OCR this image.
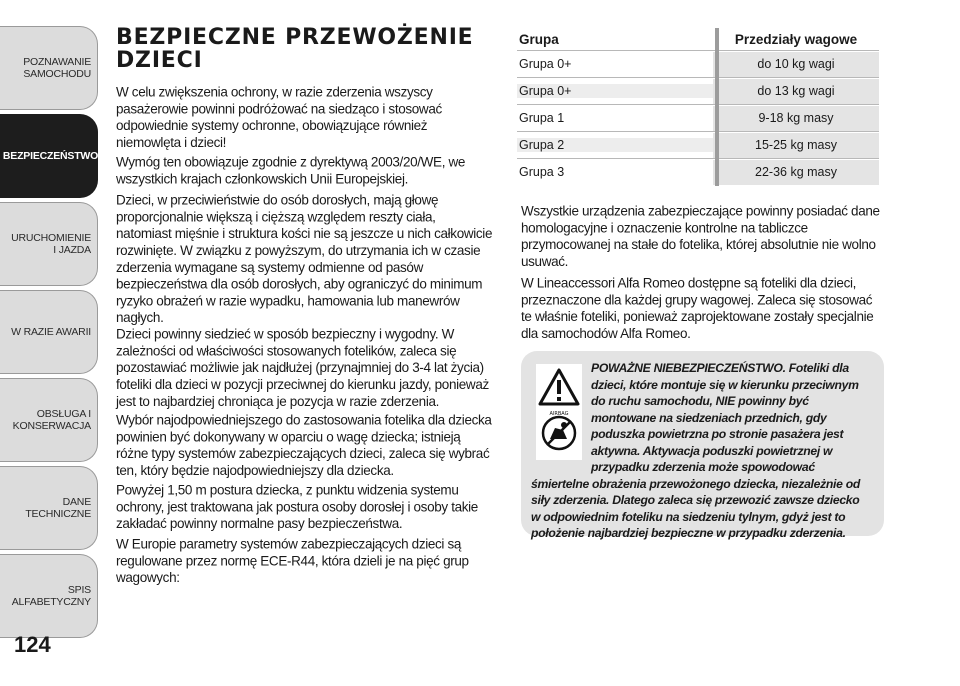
POZNAWANIE SAMOCHODU
BEZPIECZEŃSTWO
URUCHOMIENIE I JAZDA
W RAZIE AWARII
OBSŁUGA I KONSERWACJA
DANE TECHNICZNE
SPIS ALFABETYCZNY
124
BEZPIECZNE PRZEWOŻENIE DZIECI

W celu zwiększenia ochrony, w razie zderzenia wszyscy pasażerowie powinni podróżować na siedząco i stosować odpowiednie systemy ochronne, obowiązujące również niemowlęta i dzieci!

Wymóg ten obowiązuje zgodnie z dyrektywą 2003/20/WE, we wszystkich krajach członkowskich Unii Europejskiej.

Dzieci, w przeciwieństwie do osób dorosłych, mają głowę proporcjonalnie większą i cięższą względem reszty ciała, natomiast mięśnie i struktura kości nie są jeszcze u nich całkowicie rozwinięte. W związku z powyższym, do utrzymania ich w czasie zderzenia wymagane są systemy odmienne od pasów bezpieczeństwa dla osób dorosłych, aby ograniczyć do minimum ryzyko obrażeń w razie wypadku, hamowania lub manewrów nagłych.

Dzieci powinny siedzieć w sposób bezpieczny i wygodny. W zależności od właściwości stosowanych fotelików, zaleca się pozostawiać możliwie jak najdłużej (przynajmniej do 3-4 lat życia) foteliki dla dzieci w pozycji przeciwnej do kierunku jazdy, ponieważ jest to najbardziej chroniąca je pozycja w razie zderzenia.

Wybór najodpowiedniejszego do zastosowania fotelika dla dziecka powinien być dokonywany w oparciu o wagę dziecka; istnieją różne typy systemów zabezpieczających dzieci, zaleca się wybrać ten, który będzie najodpowiedniejszy dla dziecka.

Powyżej 1,50 m postura dziecka, z punktu widzenia systemu ochrony, jest traktowana jak postura osoby dorosłej i osoby takie zakładać powinny normalne pasy bezpieczeństwa.

W Europie parametry systemów zabezpieczających dzieci są regulowane przez normę ECE-R44, która dzieli je na pięć grup wagowych:

Grupa	Przedziały wagowe
Grupa 0+	do 10 kg wagi
Grupa 0+	do 13 kg wagi
Grupa 1	9-18 kg masy
Grupa 2	15-25 kg masy
Grupa 3	22-36 kg masy

Wszystkie urządzenia zabezpieczające powinny posiadać dane homologacyjne i oznaczenie kontrolne na tabliczce przymocowanej na stałe do fotelika, której absolutnie nie wolno usuwać.

W Lineaccessori Alfa Romeo dostępne są foteliki dla dzieci, przeznaczone dla każdej grupy wagowej. Zaleca się stosować te właśnie foteliki, ponieważ zaprojektowane zostały specjalnie dla samochodów Alfa Romeo.

AIRBAG
POWAŻNE NIEBEZPIECZEŃSTWO. Foteliki dla dzieci, które montuje się w kierunku przeciwnym do ruchu samochodu, NIE powinny być montowane na siedzeniach przednich, gdy poduszka powietrzna po stronie pasażera jest aktywna. Aktywacja poduszki powietrznej w przypadku zderzenia może spowodować śmiertelne obrażenia przewożonego dziecka, niezależnie od siły zderzenia. Dlatego zaleca się przewozić zawsze dziecko w odpowiednim foteliku na siedzeniu tylnym, gdyż jest to położenie najbardziej bezpieczne w przypadku zderzenia.
